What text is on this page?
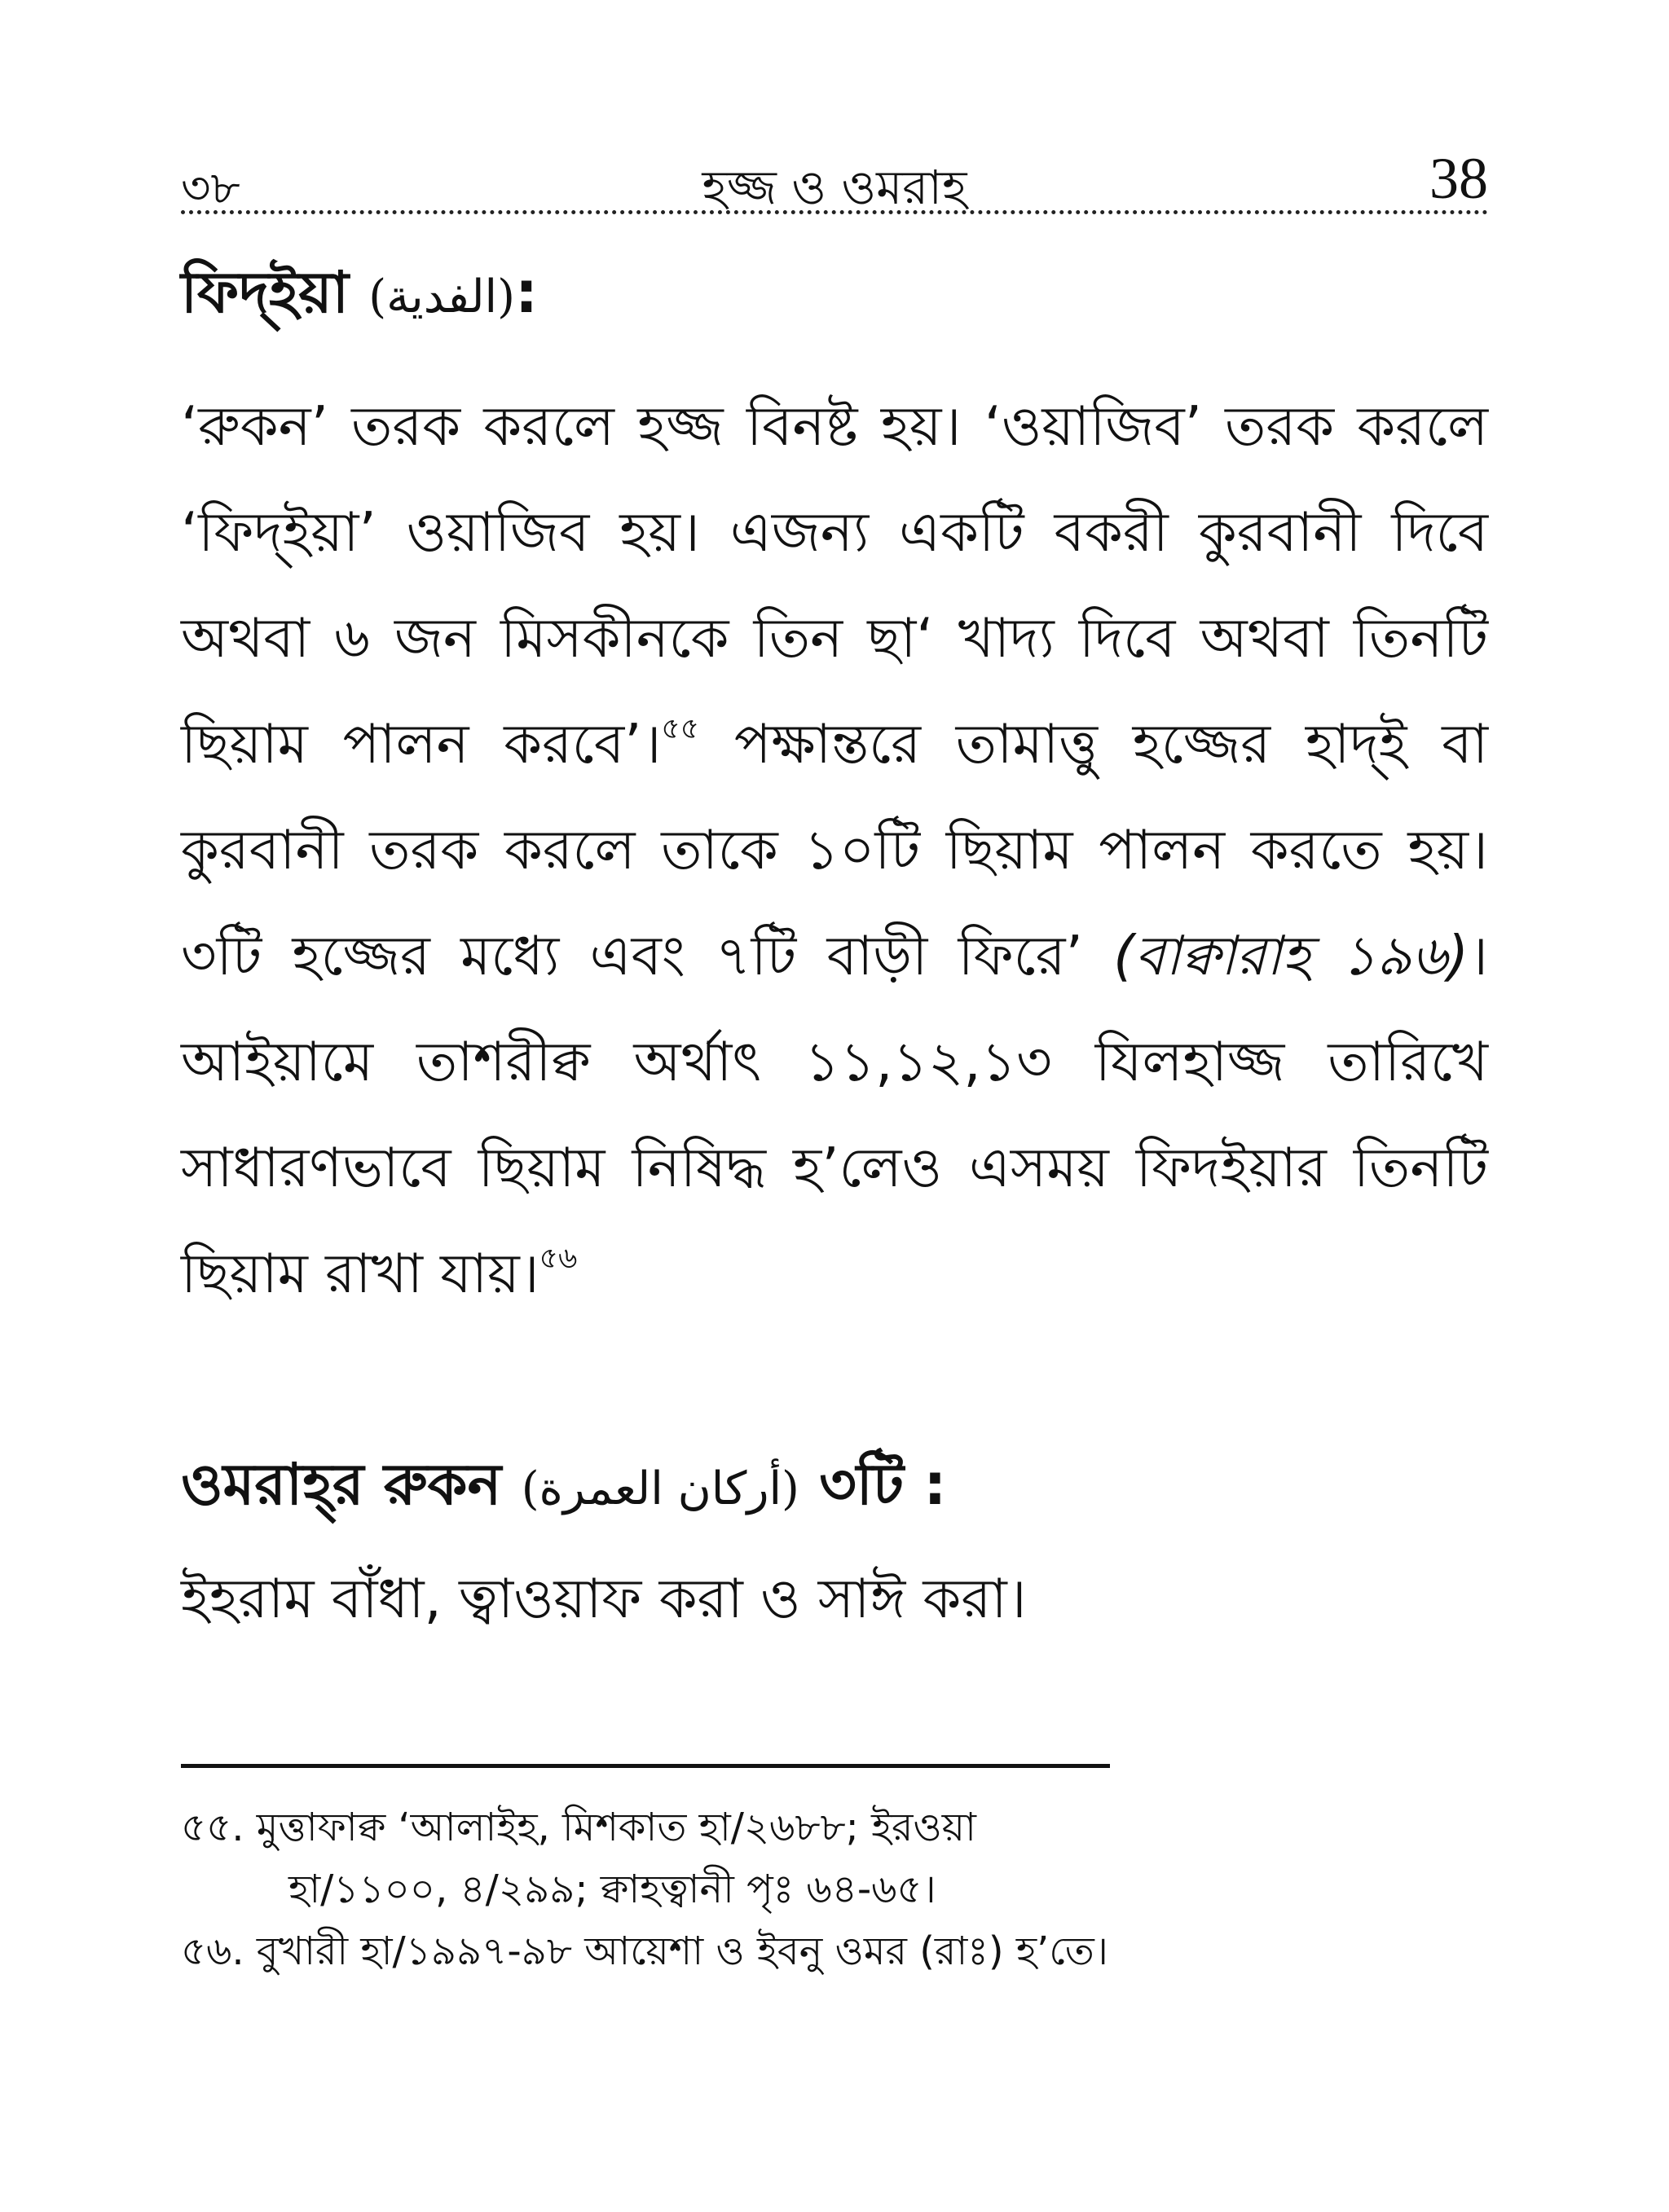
৩৮	হজ্জ ও ওমরাহ	38
ফিদ্ইয়া (الفدية):

‘রুকন’ তরক করলে হজ্জ বিনষ্ট হয়। ‘ওয়াজিব’ তরক করলে ‘ফিদ্ইয়া’ ওয়াজিব হয়। এজন্য একটি বকরী কুরবানী দিবে অথবা ৬ জন মিসকীনকে তিন ছা‘ খাদ্য দিবে অথবা তিনটি ছিয়াম পালন করবে’।$^{৫৫}$ পক্ষান্তরে তামাত্তু হজ্জের হাদ্ই বা কুরবানী তরক করলে তাকে ১০টি ছিয়াম পালন করতে হয়। ৩টি হজ্জের মধ্যে এবং ৭টি বাড়ী ফিরে’ (বাক্বারাহ ১৯৬)। আইয়ামে তাশরীক্ব অর্থাৎ ১১,১২,১৩ যিলহাজ্জ তারিখে সাধারণভাবে ছিয়াম নিষিদ্ধ হ’লেও এসময় ফিদইয়ার তিনটি ছিয়াম রাখা যায়।$^{৫৬}$

ওমরাহ্‌র রুকন (أركان العمرة) ৩টি :
ইহরাম বাঁধা, ত্বাওয়াফ করা ও সাঈ করা।

৫৫. মুত্তাফাক্ব ‘আলাইহ, মিশকাত হা/২৬৮৮; ইরওয়া
হা/১১০০, ৪/২৯৯; ক্বাহত্বানী পৃঃ ৬৪-৬৫।

৫৬. বুখারী হা/১৯৯৭-৯৮ আয়েশা ও ইবনু ওমর (রাঃ) হ’তে।
